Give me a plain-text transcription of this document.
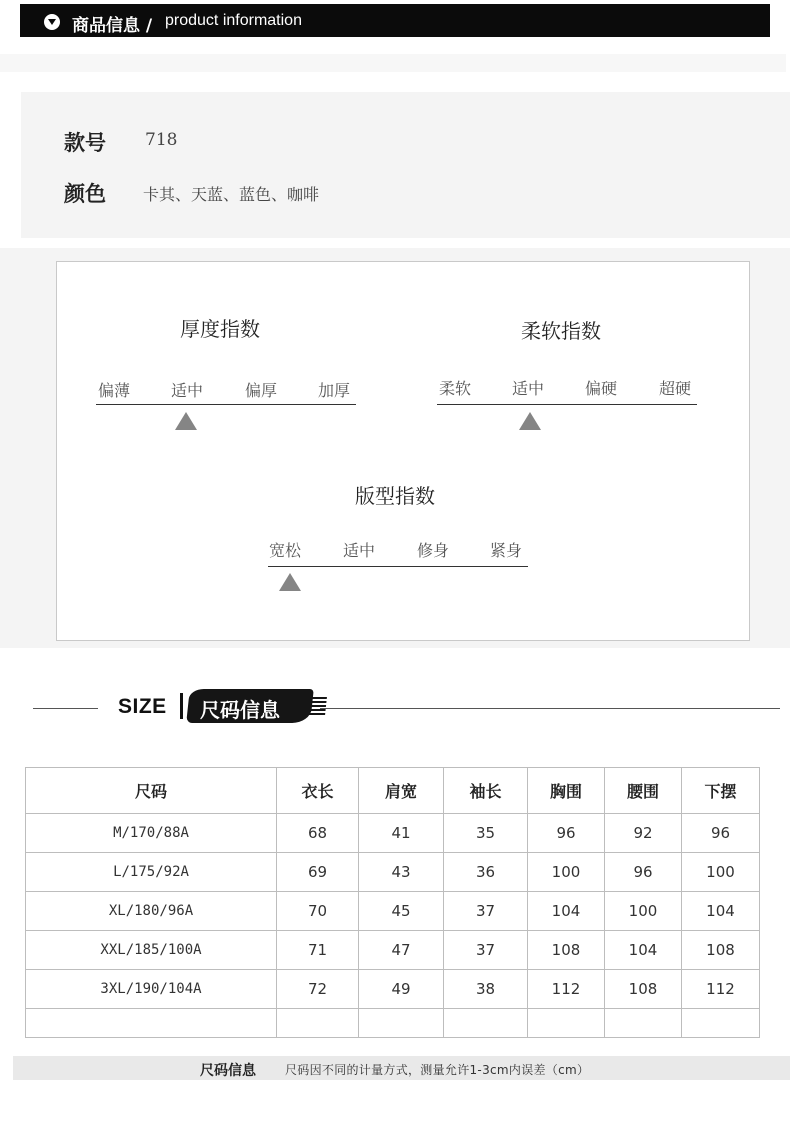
商品信息 / product information
款号 718
颜色 卡其、天蓝、蓝色、咖啡
厚度指数
偏薄	适中	偏厚	加厚
柔软指数
柔软	适中	偏硬	超硬
版型指数
宽松	适中	修身	紧身
SIZE 尺码信息
尺码	衣长	肩宽	袖长	胸围	腰围	下摆
M/170/88A	68	41	35	96	92	96
L/175/92A	69	43	36	100	96	100
XL/180/96A	70	45	37	104	100	104
XXL/185/100A	71	47	37	108	104	108
3XL/190/104A	72	49	38	112	108	112

尺码信息 尺码因不同的计量方式，测量允许1-3cm内误差（cm）
